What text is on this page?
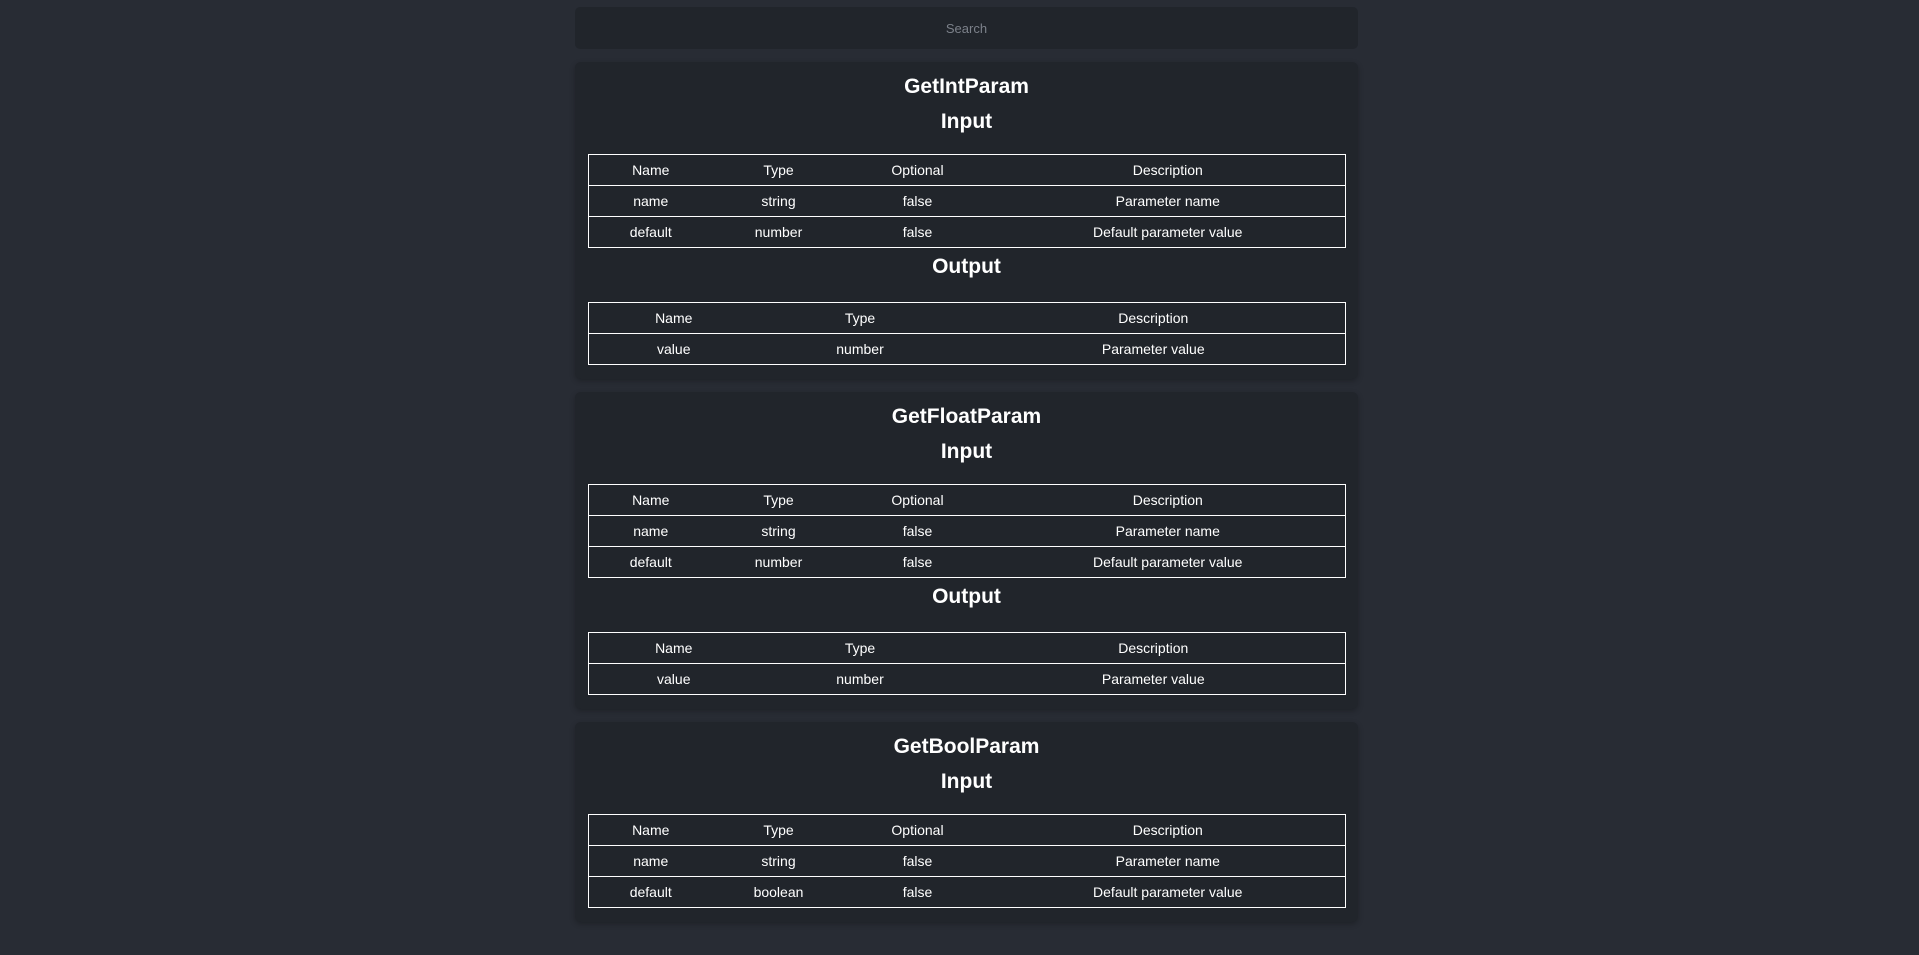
Search
GetIntParam
Input
Name	Type	Optional	Description
name	string	false	Parameter name
default	number	false	Default parameter value
Output
Name	Type	Description
value	number	Parameter value
GetFloatParam
Input
Name	Type	Optional	Description
name	string	false	Parameter name
default	number	false	Default parameter value
Output
Name	Type	Description
value	number	Parameter value
GetBoolParam
Input
Name	Type	Optional	Description
name	string	false	Parameter name
default	boolean	false	Default parameter value
